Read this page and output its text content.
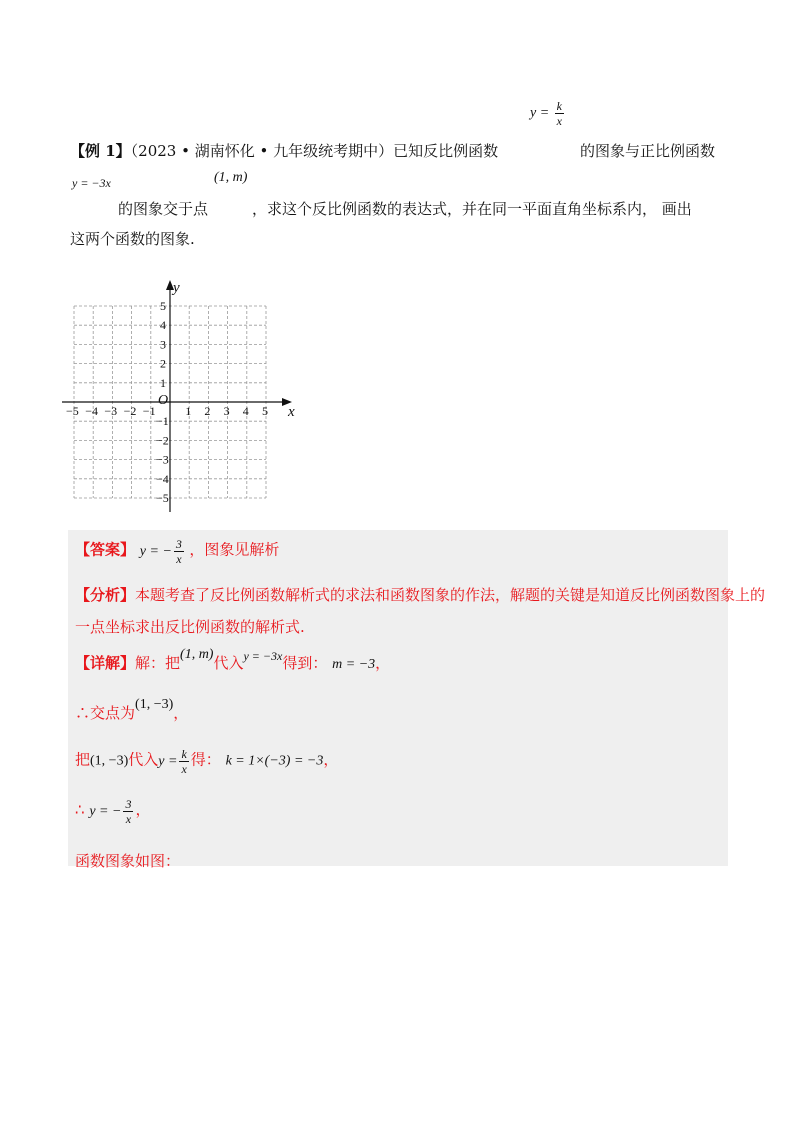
$y = \frac{k}{x}$
【例 1】（2023 • 湖南怀化 • 九年级统考期中）已知反比例函数	的图象与正比例函数
y = −3x	(1, m)
的图象交于点	，求这个反比例函数的表达式，并在同一平面直角坐标系内， 画出
这两个函数的图象.
x
y
O
−5 −4 −3 −2 −1 1 2 3 4 5
5
4
3
2
1
−1
−2
−3
−4
−5
【答案】 y = − $\frac{3}{x}$ ，图象见解析
【分析】本题考查了反比例函数解析式的求法和函数图象的作法，解题的关键是知道反比例函数图象上的
一点坐标求出反比例函数的解析式.
【详解】解：把(1, m)代入$^{y = -3x}$得到： m = −3，
∴交点为(1, −3)，
把(1, −3)代入$y = \frac{k}{x}$ 得： k = 1×(−3) = −3，
∴ y = − $\frac{3}{x}$ ，
函数图象如图：
